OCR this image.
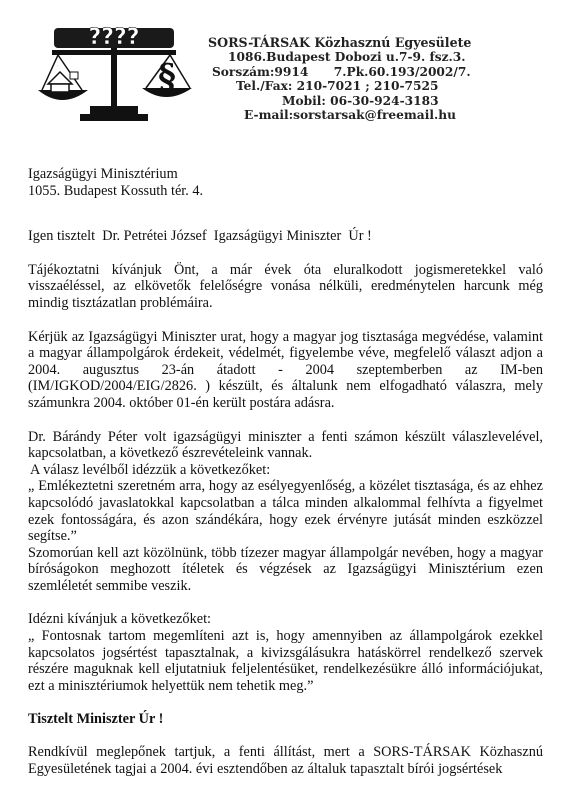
????
§
SORS-TÁRSAK Közhasznú Egyesülete
1086.Budapest Dobozi u.7-9. fsz.3.
Sorszám:9914      7.Pk.60.193/2002/7.
Tel./Fax: 210-7021 ; 210-7525
Mobil: 06-30-924-3183
E-mail:sorstarsak@freemail.hu

Igazságügyi Minisztérium

1055. Budapest Kossuth tér. 4.

Igen tisztelt  Dr. Petrétei József  Igazságügyi Miniszter  Úr !

Tájékoztatni kívánjuk Önt, a már évek óta eluralkodott jogismeretekkel való visszaéléssel, az elkövetők felelőségre vonása nélküli, eredménytelen harcunk még mindig tisztázatlan problémáira.

Kérjük az Igazságügyi Miniszter urat, hogy a magyar jog tisztasága megvédése, valamint a magyar állampolgárok érdekeit, védelmét, figyelembe véve, megfelelő választ adjon a 2004. augusztus 23-án átadott - 2004 szeptemberben az IM-ben (IM/IGKOD/2004/EIG/2826. ) készült, és általunk nem elfogadható válaszra, mely számunkra 2004. október 01-én került postára adásra.

Dr. Bárándy Péter volt igazságügyi miniszter a fenti számon készült válaszlevelével, kapcsolatban, a következő észrevételeink vannak.

A válasz levélből idézzük a következőket:

„ Emlékeztetni szeretném arra, hogy az esélyegyenlőség, a közélet tisztasága, és az ehhez kapcsolódó javaslatokkal kapcsolatban a tálca minden alkalommal felhívta a figyelmet ezek fontosságára, és azon szándékára, hogy ezek érvényre jutását minden eszközzel segítse.”

Szomorúan kell azt közölnünk, több tízezer magyar állampolgár nevében, hogy a magyar bíróságokon meghozott ítéletek és végzések az Igazságügyi Minisztérium ezen szemléletét semmibe veszik.

Idézni kívánjuk a következőket:

„ Fontosnak tartom megemlíteni azt is, hogy amennyiben az állampolgárok ezekkel kapcsolatos jogsértést tapasztalnak, a kivizsgálásukra hatáskörrel rendelkező szervek részére maguknak kell eljutatniuk feljelentésüket, rendelkezésükre álló információjukat, ezt a minisztériumok helyettük nem tehetik meg.”

Tisztelt Miniszter Úr !

Rendkívül meglepőnek tartjuk, a fenti állítást, mert a SORS-TÁRSAK Közhasznú Egyesületének tagjai a 2004. évi esztendőben az általuk tapasztalt bírói jogsértések
